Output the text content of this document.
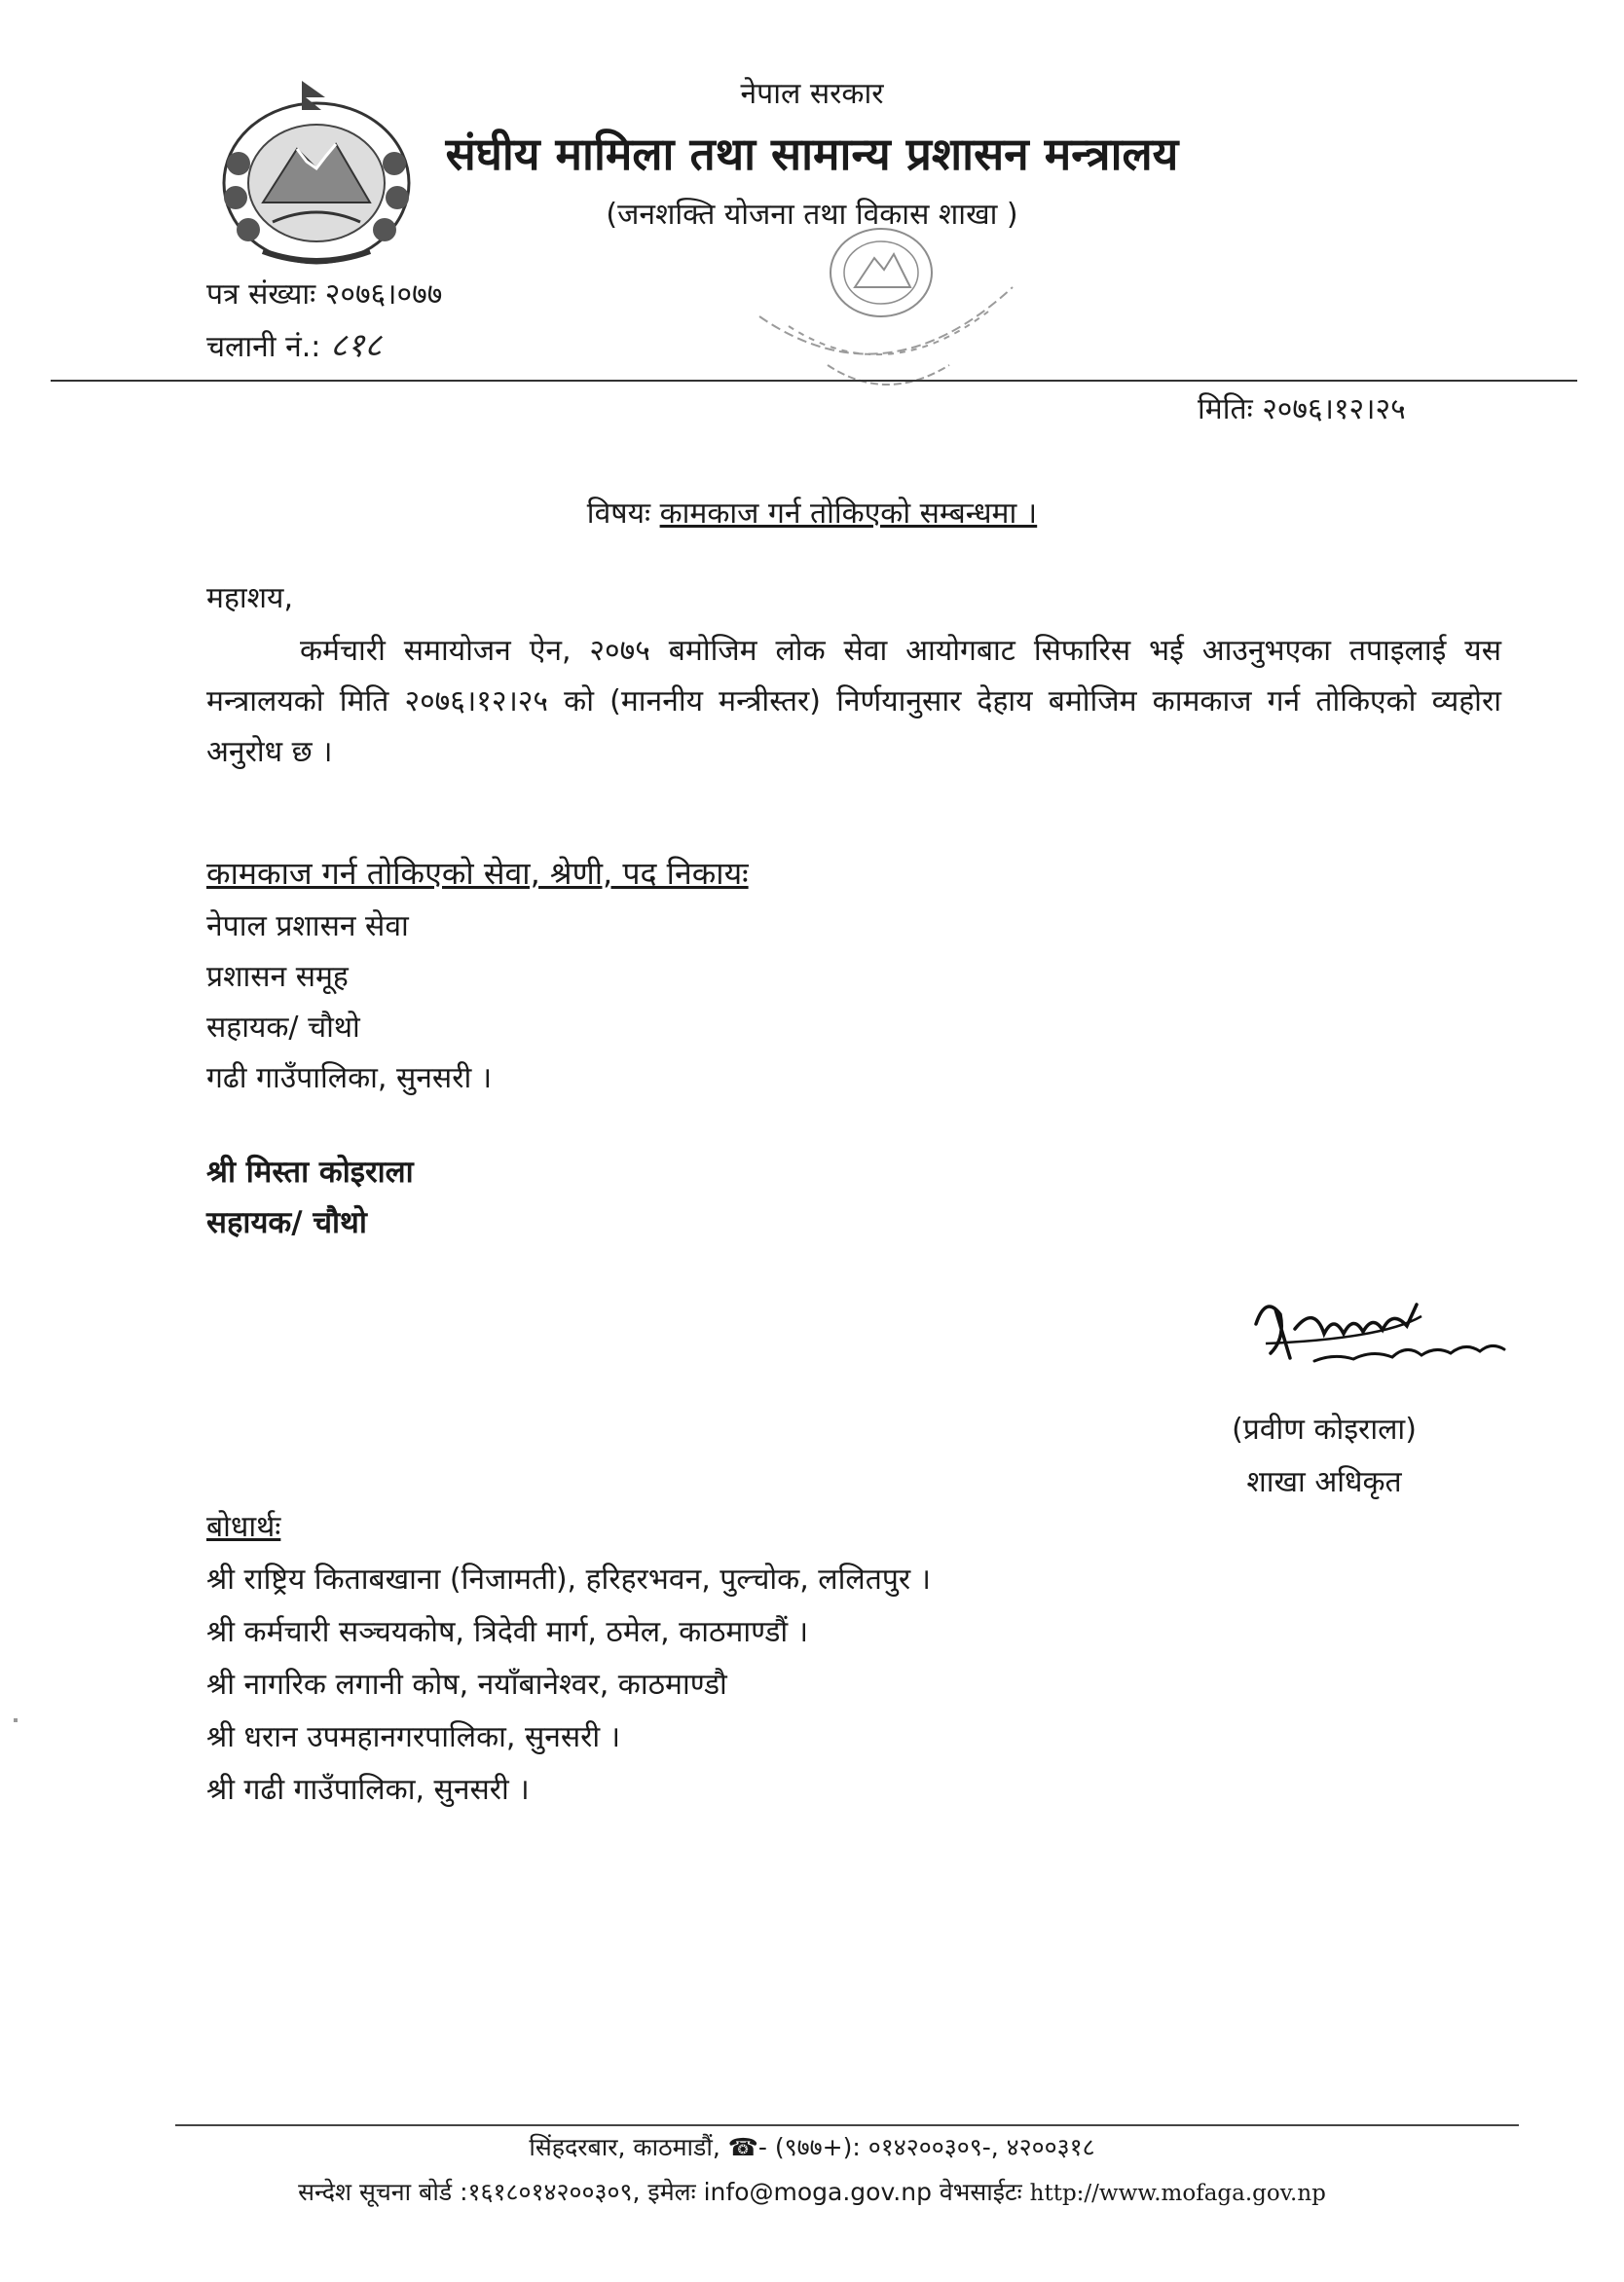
नेपाल सरकार
संघीय मामिला तथा सामान्य प्रशासन मन्त्रालय
(जनशक्ति योजना तथा विकास शाखा )
पत्र संख्याः २०७६।०७७
चलानी नं.: ८१८
मितिः २०७६।१२।२५
विषयः कामकाज गर्न तोकिएको सम्बन्धमा ।
महाशय,
कर्मचारी समायोजन ऐन, २०७५ बमोजिम लोक सेवा आयोगबाट सिफारिस भई आउनुभएका तपाइलाई यस मन्त्रालयको मिति २०७६।१२।२५ को (माननीय मन्त्रीस्तर) निर्णयानुसार देहाय बमोजिम कामकाज गर्न तोकिएको व्यहोरा अनुरोध छ ।
कामकाज गर्न तोकिएको सेवा, श्रेणी, पद निकायः
नेपाल प्रशासन सेवा
प्रशासन समूह
सहायक/ चौथो
गढी गाउँपालिका, सुनसरी ।
श्री मिस्ता कोइराला
सहायक/ चौथो
(प्रवीण कोइराला)
शाखा अधिकृत
बोधार्थः
श्री राष्ट्रिय किताबखाना (निजामती), हरिहरभवन, पुल्चोक, ललितपुर ।
श्री कर्मचारी सञ्चयकोष, त्रिदेवी मार्ग, ठमेल, काठमाण्डौं ।
श्री नागरिक लगानी कोष, नयाँबानेश्वर, काठमाण्डौ
श्री धरान उपमहानगरपालिका, सुनसरी ।
श्री गढी गाउँपालिका, सुनसरी ।
सिंहदरबार, काठमाडौं, ☎- (९७७+): ०१४२००३०९-, ४२००३१८
सन्देश सूचना बोर्ड :१६१८०१४२००३०९, इमेलः info@moga.gov.np वेभसाईटः http://www.mofaga.gov.np
